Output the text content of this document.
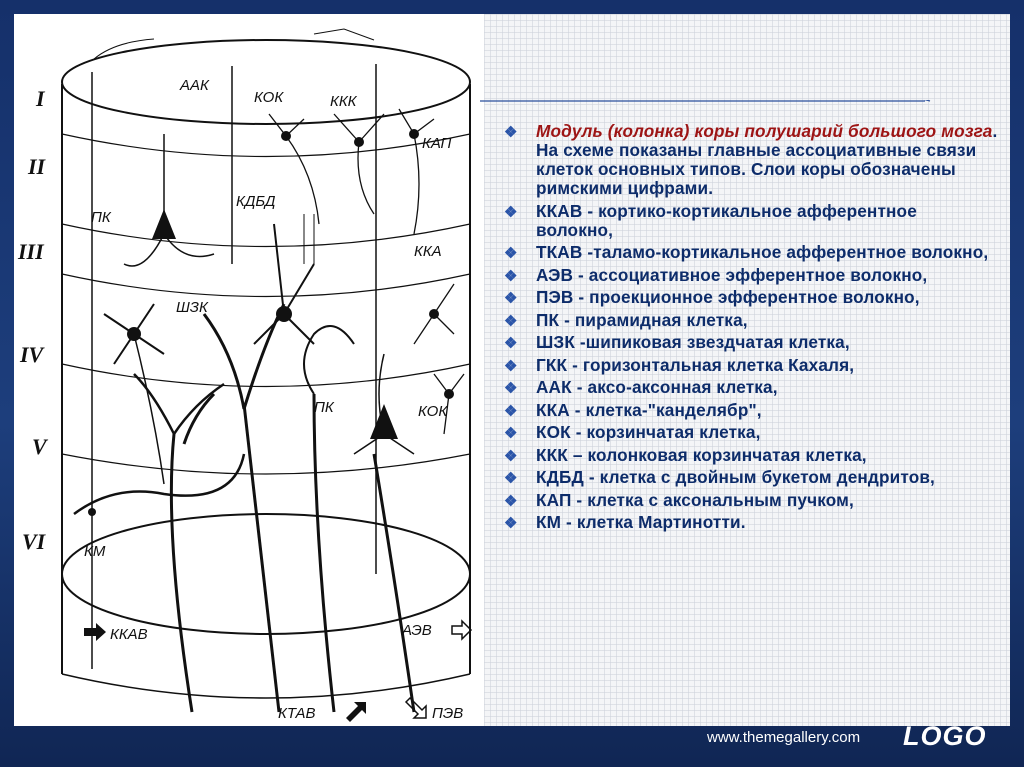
I
II
III
IV
V
VI
ААК
КОК	ККК
КАП
ПК
КДБД
ККА
ШЗК
ПК	КОК
КМ
ККАВ	АЭВ
КТАВ	ПЭВ
❖ Модуль (колонка) коры полушарий большого мозга. На схеме показаны главные ассоциативные связи клеток основных типов. Слои коры обозначены римскими цифрами.
❖ ККАВ - кортико-кортикальное афферентное волокно,
❖ ТКАВ -таламо-кортикальное афферентное волокно,
❖ АЭВ - ассоциативное эфферентное волокно,
❖ ПЭВ - проекционное эфферентное волокно,
❖ ПК - пирамидная клетка,
❖ ШЗК -шипиковая звездчатая клетка,
❖ ГКК - горизонтальная клетка Кахаля,
❖ ААК - аксо-аксонная клетка,
❖ ККА - клетка-"канделябр",
❖ КОК - корзинчатая клетка,
❖ ККК – колонковая корзинчатая клетка,
❖ КДБД - клетка с двойным букетом дендритов,
❖ КАП - клетка с аксональным пучком,
❖ КМ - клетка Мартинотти.
www.themegallery.com LOGO
